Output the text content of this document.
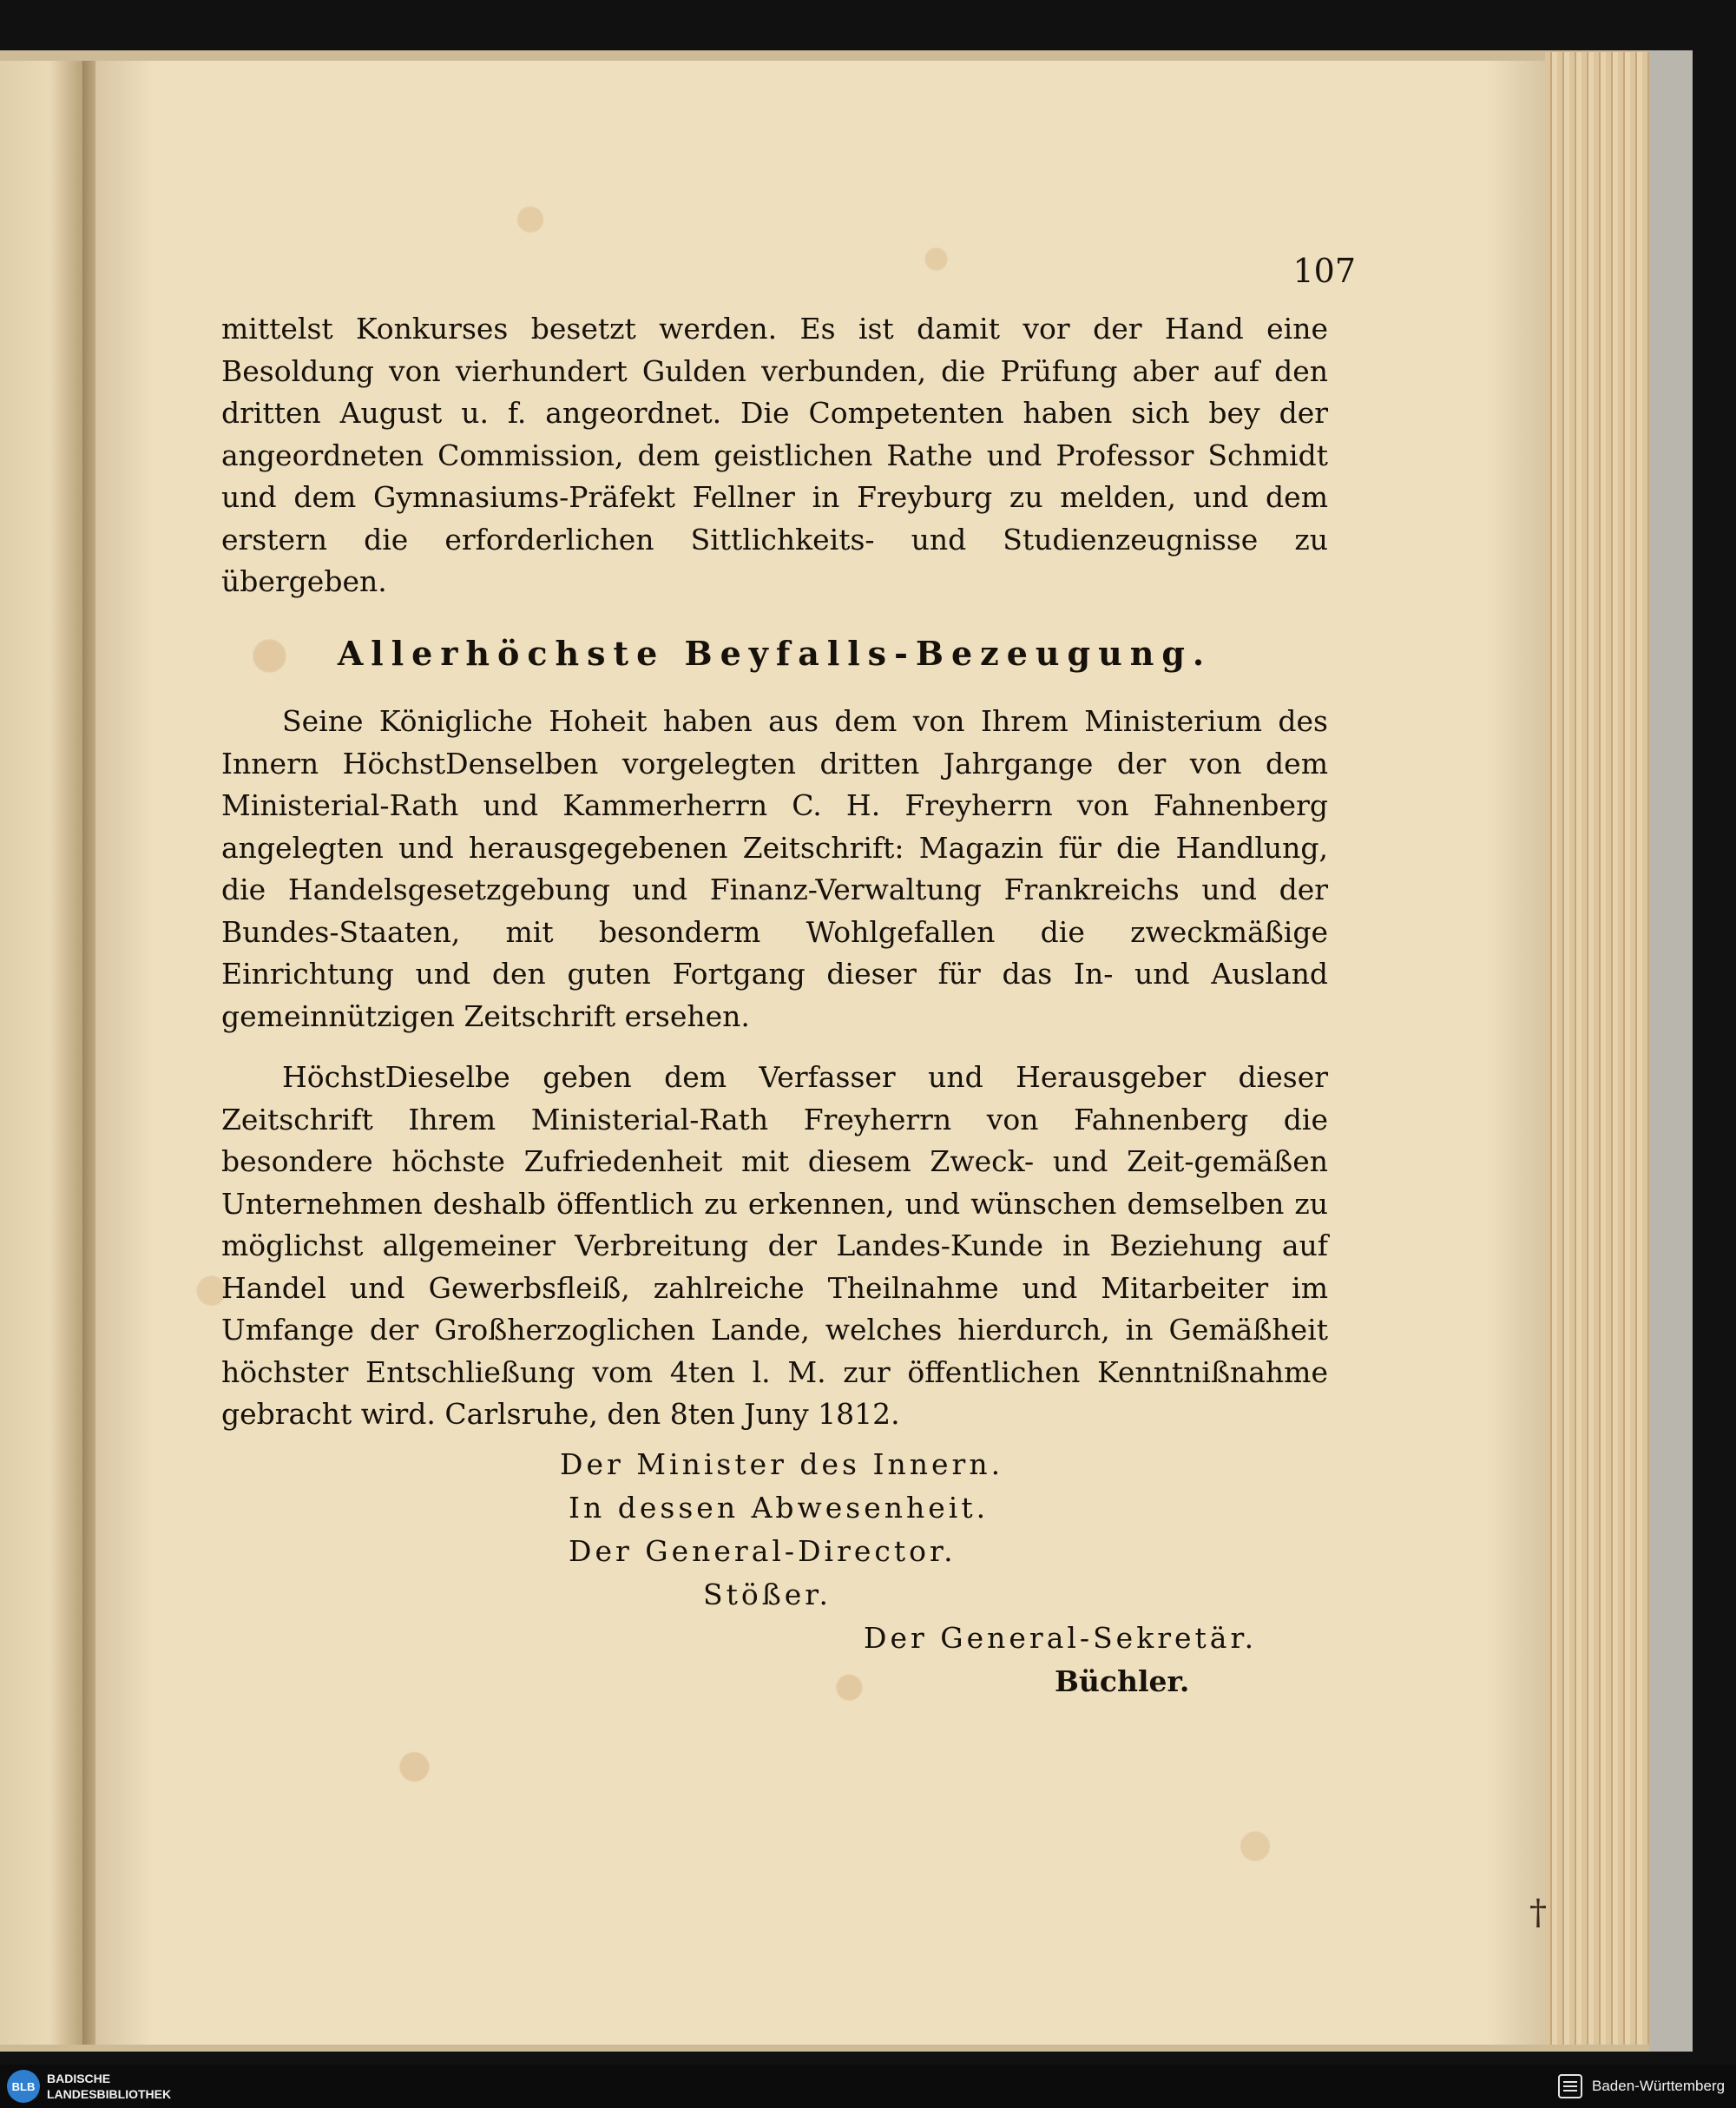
107

mittelst Konkurses besetzt werden. Es ist damit vor der Hand eine Besoldung von vierhundert Gulden verbunden, die Prüfung aber auf den dritten August u. f. angeordnet. Die Competenten haben sich bey der angeordneten Commission, dem geistlichen Rathe und Professor Schmidt und dem Gymnasiums-Präfekt Fellner in Freyburg zu melden, und dem erstern die erforderlichen Sittlichkeits- und Studienzeugnisse zu übergeben.

Allerhöchste Beyfalls-Bezeugung.

Seine Königliche Hoheit haben aus dem von Ihrem Ministerium des Innern HöchstDenselben vorgelegten dritten Jahrgange der von dem Ministerial-Rath und Kammerherrn C. H. Freyherrn von Fahnenberg angelegten und herausgegebenen Zeitschrift: Magazin für die Handlung, die Handelsgesetzgebung und Finanz-Verwaltung Frankreichs und der Bundes-Staaten, mit besonderm Wohlgefallen die zweckmäßige Einrichtung und den guten Fortgang dieser für das In- und Ausland gemeinnützigen Zeitschrift ersehen.

HöchstDieselbe geben dem Verfasser und Herausgeber dieser Zeitschrift Ihrem Ministerial-Rath Freyherrn von Fahnenberg die besondere höchste Zufriedenheit mit diesem Zweck- und Zeit-gemäßen Unternehmen deshalb öffentlich zu erkennen, und wünschen demselben zu möglichst allgemeiner Verbreitung der Landes-Kunde in Beziehung auf Handel und Gewerbsfleiß, zahlreiche Theilnahme und Mitarbeiter im Umfange der Großherzoglichen Lande, welches hierdurch, in Gemäßheit höchster Entschließung vom 4ten l. M. zur öffentlichen Kenntnißnahme gebracht wird. Carlsruhe, den 8ten Juny 1812.

Der Minister des Innern.

In dessen Abwesenheit.

Der General-Director.

Stößer.

Der General-Sekretär.

Büchler.

†
BLB
BADISCHE
LANDESBIBLIOTHEK	Baden-Württemberg
